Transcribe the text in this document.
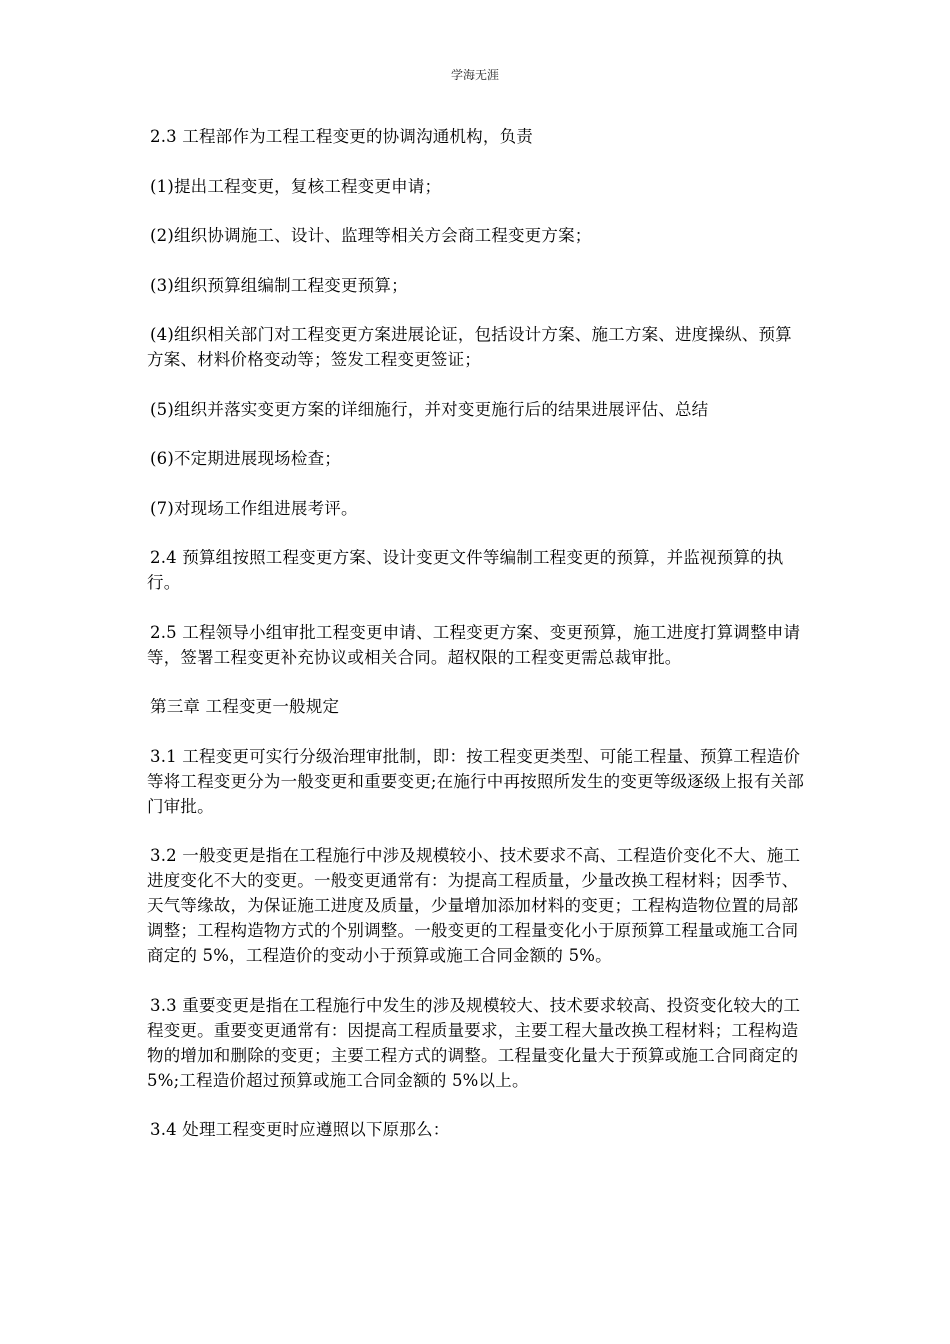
学海无涯

2.3 工程部作为工程工程变更的协调沟通机构，负责

(1)提出工程变更，复核工程变更申请；

(2)组织协调施工、设计、监理等相关方会商工程变更方案；

(3)组织预算组编制工程变更预算；

(4)组织相关部门对工程变更方案进展论证，包括设计方案、施工方案、进度操纵、预算方案、材料价格变动等；签发工程变更签证；

(5)组织并落实变更方案的详细施行，并对变更施行后的结果进展评估、总结

(6)不定期进展现场检查；

(7)对现场工作组进展考评。

2.4 预算组按照工程变更方案、设计变更文件等编制工程变更的预算，并监视预算的执行。

2.5 工程领导小组审批工程变更申请、工程变更方案、变更预算，施工进度打算调整申请等，签署工程变更补充协议或相关合同。超权限的工程变更需总裁审批。

第三章 工程变更一般规定

3.1 工程变更可实行分级治理审批制，即：按工程变更类型、可能工程量、预算工程造价等将工程变更分为一般变更和重要变更;在施行中再按照所发生的变更等级逐级上报有关部门审批。

3.2 一般变更是指在工程施行中涉及规模较小、技术要求不高、工程造价变化不大、施工进度变化不大的变更。一般变更通常有：为提高工程质量，少量改换工程材料；因季节、天气等缘故，为保证施工进度及质量，少量增加添加材料的变更；工程构造物位置的局部调整；工程构造物方式的个别调整。一般变更的工程量变化小于原预算工程量或施工合同商定的 5%，工程造价的变动小于预算或施工合同金额的 5%。

3.3 重要变更是指在工程施行中发生的涉及规模较大、技术要求较高、投资变化较大的工程变更。重要变更通常有：因提高工程质量要求，主要工程大量改换工程材料；工程构造物的增加和删除的变更；主要工程方式的调整。工程量变化量大于预算或施工合同商定的 5%;工程造价超过预算或施工合同金额的 5%以上。

3.4 处理工程变更时应遵照以下原那么：
